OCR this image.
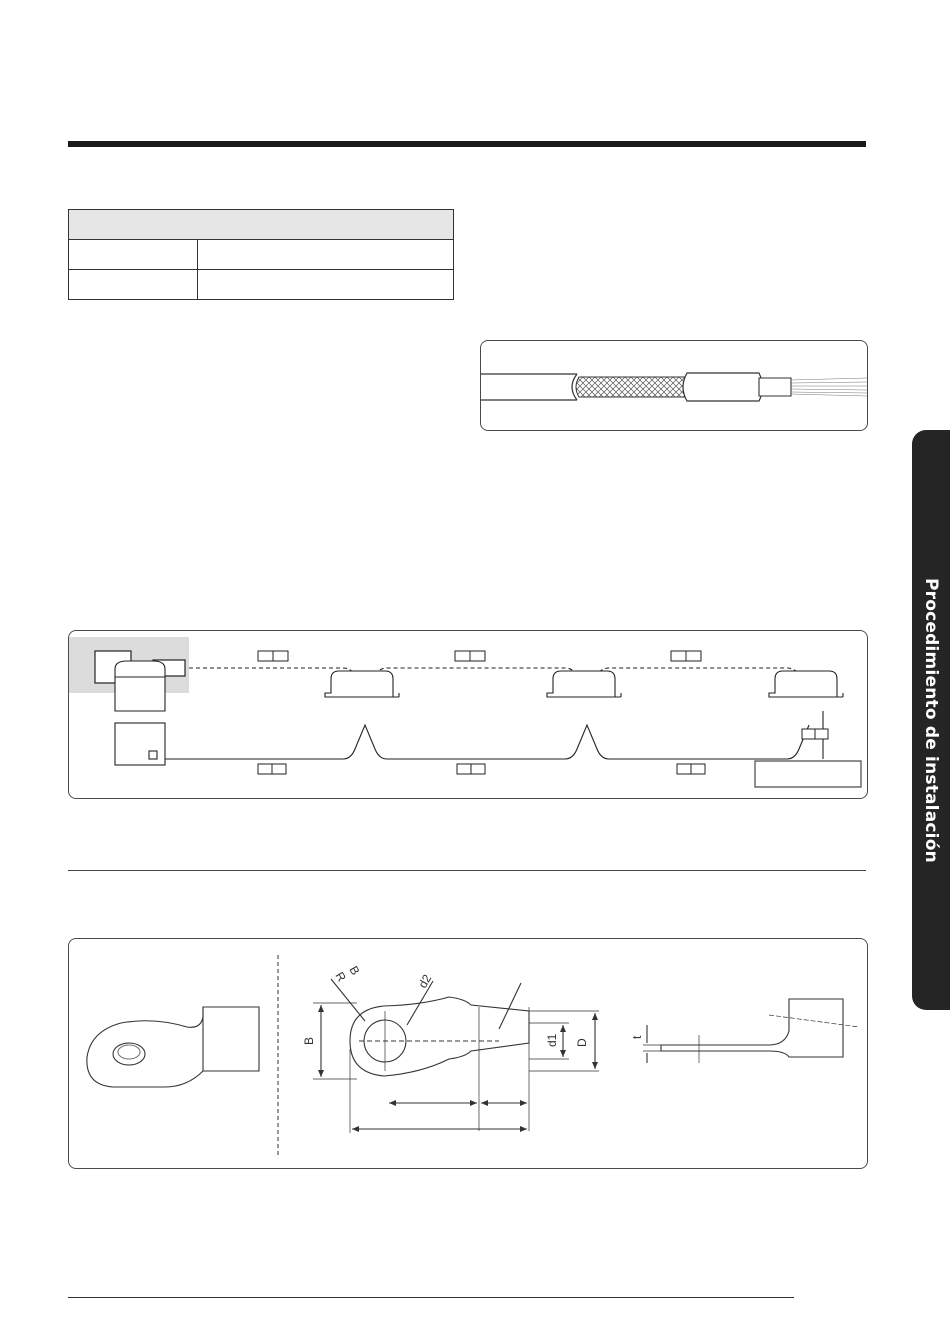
B	d1 D
d2
R
B
t
Procedimiento de instalación
